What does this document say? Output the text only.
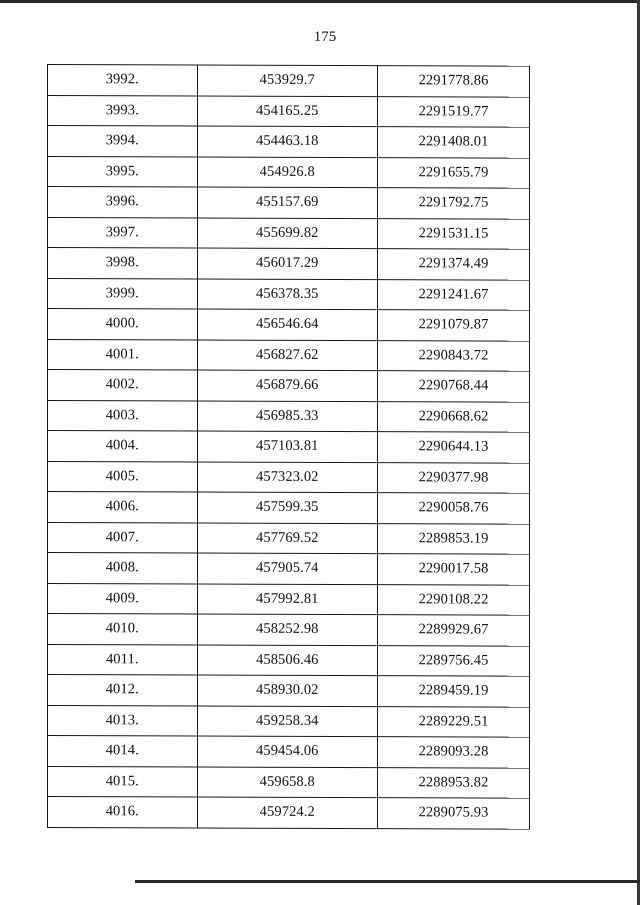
175
3992.	453929.7	2291778.86
3993.	454165.25	2291519.77
3994.	454463.18	2291408.01
3995.	454926.8	2291655.79
3996.	455157.69	2291792.75
3997.	455699.82	2291531.15
3998.	456017.29	2291374.49
3999.	456378.35	2291241.67
4000.	456546.64	2291079.87
4001.	456827.62	2290843.72
4002.	456879.66	2290768.44
4003.	456985.33	2290668.62
4004.	457103.81	2290644.13
4005.	457323.02	2290377.98
4006.	457599.35	2290058.76
4007.	457769.52	2289853.19
4008.	457905.74	2290017.58
4009.	457992.81	2290108.22
4010.	458252.98	2289929.67
4011.	458506.46	2289756.45
4012.	458930.02	2289459.19
4013.	459258.34	2289229.51
4014.	459454.06	2289093.28
4015.	459658.8	2288953.82
4016.	459724.2	2289075.93
